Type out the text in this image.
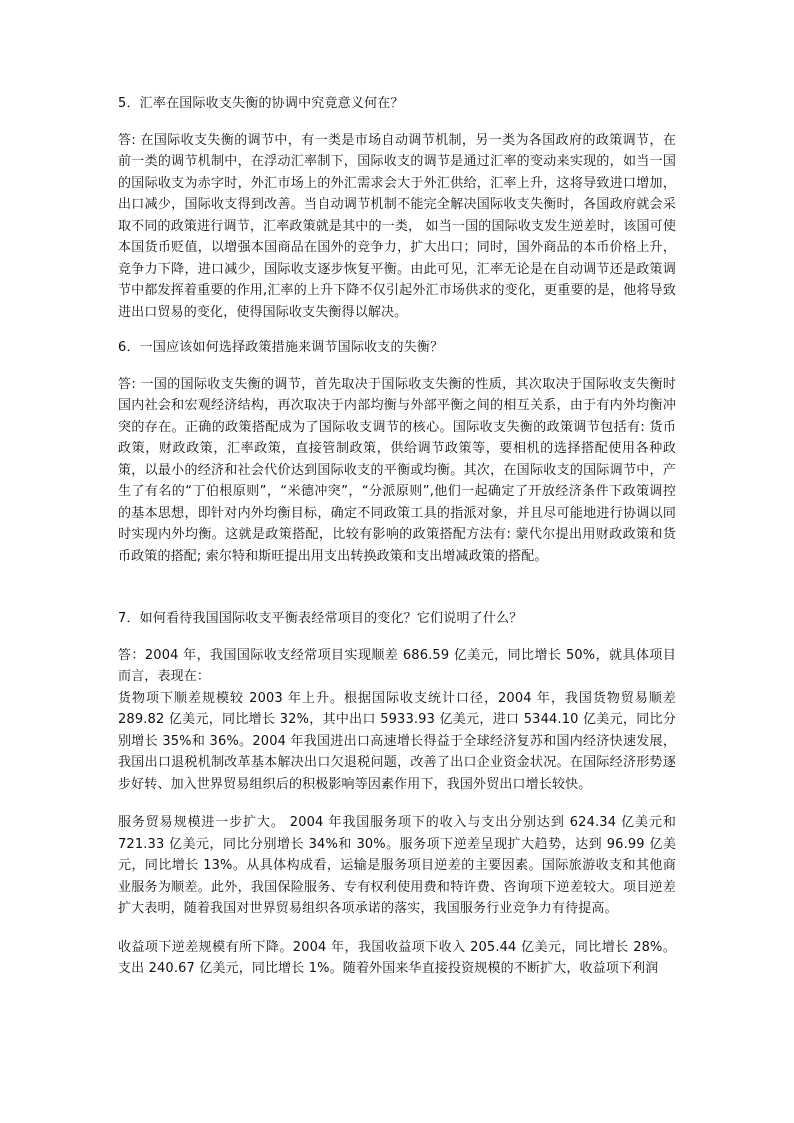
5．汇率在国际收支失衡的协调中究竟意义何在？

答: 在国际收支失衡的调节中，有一类是市场自动调节机制，另一类为各国政府的政策调节，在前一类的调节机制中，在浮动汇率制下，国际收支的调节是通过汇率的变动来实现的，如当一国的国际收支为赤字时，外汇市场上的外汇需求会大于外汇供给，汇率上升，这将导致进口增加，出口减少，国际收支得到改善。当自动调节机制不能完全解决国际收支失衡时，各国政府就会采取不同的政策进行调节，汇率政策就是其中的一类， 如当一国的国际收支发生逆差时，该国可使本国货币贬值，以增强本国商品在国外的竞争力，扩大出口；同时，国外商品的本币价格上升，竞争力下降，进口减少，国际收支逐步恢复平衡。由此可见，汇率无论是在自动调节还是政策调节中都发挥着重要的作用,汇率的上升下降不仅引起外汇市场供求的变化，更重要的是，他将导致进出口贸易的变化，使得国际收支失衡得以解决。

6．一国应该如何选择政策措施来调节国际收支的失衡？

答: 一国的国际收支失衡的调节，首先取决于国际收支失衡的性质，其次取决于国际收支失衡时国内社会和宏观经济结构，再次取决于内部均衡与外部平衡之间的相互关系，由于有内外均衡冲突的存在。正确的政策搭配成为了国际收支调节的核心。国际收支失衡的政策调节包括有: 货币政策，财政政策，汇率政策，直接管制政策，供给调节政策等，要相机的选择搭配使用各种政策，以最小的经济和社会代价达到国际收支的平衡或均衡。其次，在国际收支的国际调节中，产生了有名的“丁伯根原则”，“米德冲突”，“分派原则”,他们一起确定了开放经济条件下政策调控的基本思想，即针对内外均衡目标，确定不同政策工具的指派对象，并且尽可能地进行协调以同时实现内外均衡。这就是政策搭配，比较有影响的政策搭配方法有: 蒙代尔提出用财政政策和货币政策的搭配; 索尔特和斯旺提出用支出转换政策和支出增减政策的搭配。

7．如何看待我国国际收支平衡表经常项目的变化？它们说明了什么？

答：2004 年，我国国际收支经常项目实现顺差 686.59 亿美元，同比增长 50%，就具体项目而言，表现在：

货物项下顺差规模较 2003 年上升。根据国际收支统计口径，2004 年，我国货物贸易顺差 289.82 亿美元，同比增长 32%，其中出口 5933.93 亿美元，进口 5344.10 亿美元，同比分别增长 35%和 36%。2004 年我国进出口高速增长得益于全球经济复苏和国内经济快速发展，我国出口退税机制改革基本解决出口欠退税问题，改善了出口企业资金状况。在国际经济形势逐步好转、加入世界贸易组织后的积极影响等因素作用下，我国外贸出口增长较快。

服务贸易规模进一步扩大。 2004 年我国服务项下的收入与支出分别达到 624.34 亿美元和 721.33 亿美元，同比分别增长 34%和 30%。服务项下逆差呈现扩大趋势，达到 96.99 亿美元，同比增长 13%。从具体构成看，运输是服务项目逆差的主要因素。国际旅游收支和其他商业服务为顺差。此外，我国保险服务、专有权利使用费和特许费、咨询项下逆差较大。项目逆差扩大表明，随着我国对世界贸易组织各项承诺的落实，我国服务行业竞争力有待提高。

收益项下逆差规模有所下降。2004 年，我国收益项下收入 205.44 亿美元，同比增长 28%。支出 240.67 亿美元，同比增长 1%。随着外国来华直接投资规模的不断扩大，收益项下利润
